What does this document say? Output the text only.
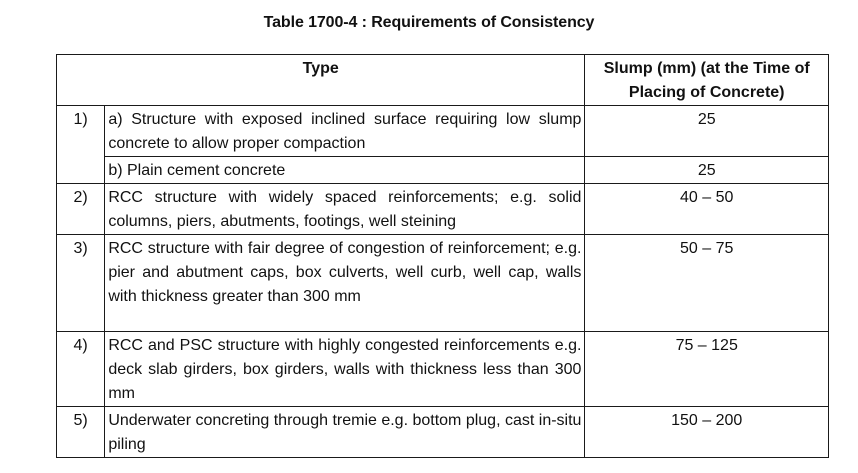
Table 1700-4 : Requirements of Consistency
Type		Slump (mm) (at the Time of Placing of Concrete)
1)	a) Structure with exposed inclined surface requiring low slump concrete to allow proper compaction	25
	b) Plain cement concrete	25
2)	RCC structure with widely spaced reinforcements; e.g. solid columns, piers, abutments, footings, well steining	40 – 50
3)	RCC structure with fair degree of congestion of reinforcement; e.g. pier and abutment caps, box culverts, well curb, well cap, walls with thickness greater than 300 mm	50 – 75
4)	RCC and PSC structure with highly congested reinforcements e.g. deck slab girders, box girders, walls with thickness less than 300 mm	75 – 125
5)	Underwater concreting through tremie e.g. bottom plug, cast in-situ piling	150 – 200
